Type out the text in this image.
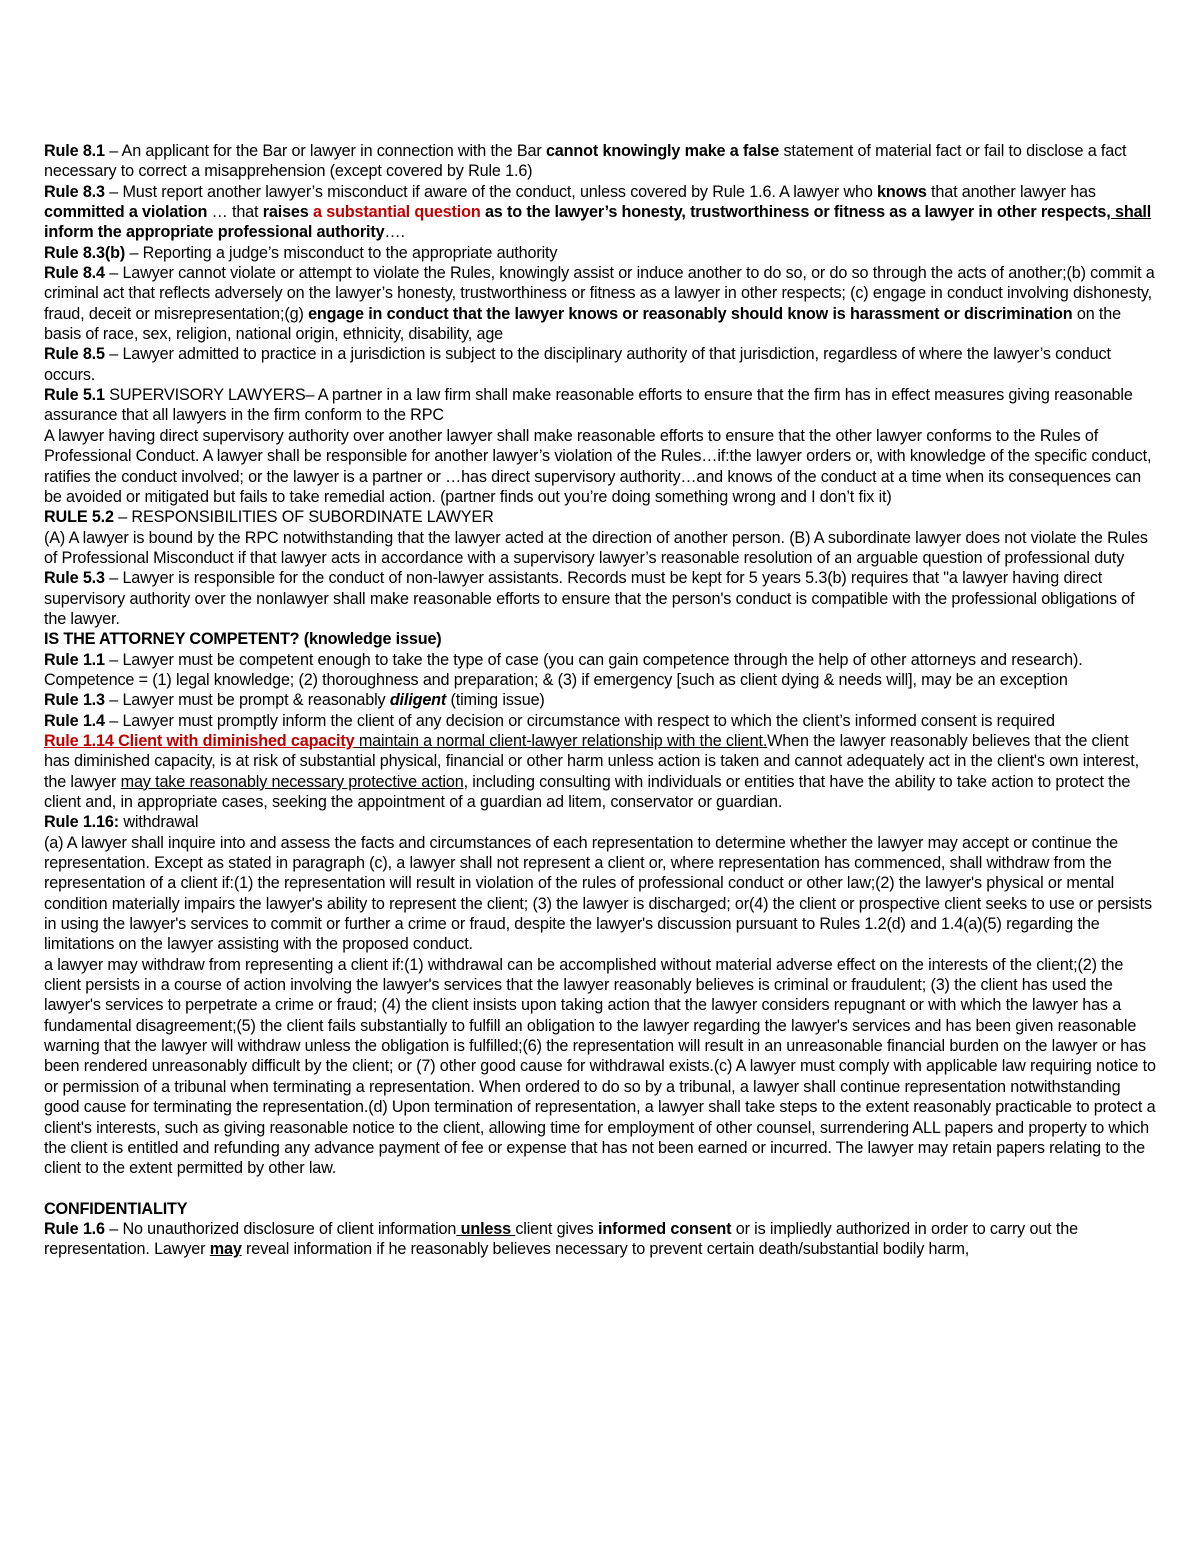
Rule 8.1 – An applicant for the Bar or lawyer in connection with the Bar cannot knowingly make a false statement of material fact or fail to disclose a fact necessary to correct a misapprehension (except covered by Rule 1.6)

Rule 8.3 – Must report another lawyer’s misconduct if aware of the conduct, unless covered by Rule 1.6. A lawyer who knows that another lawyer has committed a violation … that raises a substantial question as to the lawyer’s honesty, trustworthiness or fitness as a lawyer in other respects, shall inform the appropriate professional authority….

Rule 8.3(b) – Reporting a judge’s misconduct to the appropriate authority

Rule 8.4 – Lawyer cannot violate or attempt to violate the Rules, knowingly assist or induce another to do so, or do so through the acts of another;(b) commit a criminal act that reflects adversely on the lawyer’s honesty, trustworthiness or fitness as a lawyer in other respects; (c) engage in conduct involving dishonesty, fraud, deceit or misrepresentation;(g) engage in conduct that the lawyer knows or reasonably should know is harassment or discrimination on the basis of race, sex, religion, national origin, ethnicity, disability, age

Rule 8.5 – Lawyer admitted to practice in a jurisdiction is subject to the disciplinary authority of that jurisdiction, regardless of where the lawyer’s conduct occurs.

Rule 5.1 SUPERVISORY LAWYERS– A partner in a law firm shall make reasonable efforts to ensure that the firm has in effect measures giving reasonable assurance that all lawyers in the firm conform to the RPC

A lawyer having direct supervisory authority over another lawyer shall make reasonable efforts to ensure that the other lawyer conforms to the Rules of Professional Conduct. A lawyer shall be responsible for another lawyer’s violation of the Rules…if:the lawyer orders or, with knowledge of the specific conduct, ratifies the conduct involved; or the lawyer is a partner or …has direct supervisory authority…and knows of the conduct at a time when its consequences can be avoided or mitigated but fails to take remedial action. (partner finds out you’re doing something wrong and I don’t fix it)

RULE 5.2 – RESPONSIBILITIES OF SUBORDINATE LAWYER

(A) A lawyer is bound by the RPC notwithstanding that the lawyer acted at the direction of another person. (B) A subordinate lawyer does not violate the Rules of Professional Misconduct if that lawyer acts in accordance with a supervisory lawyer’s reasonable resolution of an arguable question of professional duty

Rule 5.3 – Lawyer is responsible for the conduct of non-lawyer assistants. Records must be kept for 5 years 5.3(b) requires that "a lawyer having direct supervisory authority over the nonlawyer shall make reasonable efforts to ensure that the person's conduct is compatible with the professional obligations of the lawyer.

IS THE ATTORNEY COMPETENT? (knowledge issue)

Rule 1.1 – Lawyer must be competent enough to take the type of case (you can gain competence through the help of other attorneys and research). Competence = (1) legal knowledge; (2) thoroughness and preparation; & (3) if emergency [such as client dying & needs will], may be an exception

Rule 1.3 – Lawyer must be prompt & reasonably diligent (timing issue)

Rule 1.4 – Lawyer must promptly inform the client of any decision or circumstance with respect to which the client’s informed consent is required

Rule 1.14 Client with diminished capacity maintain a normal client-lawyer relationship with the client.When the lawyer reasonably believes that the client has diminished capacity, is at risk of substantial physical, financial or other harm unless action is taken and cannot adequately act in the client's own interest, the lawyer may take reasonably necessary protective action, including consulting with individuals or entities that have the ability to take action to protect the client and, in appropriate cases, seeking the appointment of a guardian ad litem, conservator or guardian.

Rule 1.16: withdrawal

(a) A lawyer shall inquire into and assess the facts and circumstances of each representation to determine whether the lawyer may accept or continue the representation. Except as stated in paragraph (c), a lawyer shall not represent a client or, where representation has commenced, shall withdraw from the representation of a client if:(1) the representation will result in violation of the rules of professional conduct or other law;(2) the lawyer's physical or mental condition materially impairs the lawyer's ability to represent the client; (3) the lawyer is discharged; or(4) the client or prospective client seeks to use or persists in using the lawyer's services to commit or further a crime or fraud, despite the lawyer's discussion pursuant to Rules 1.2(d) and 1.4(a)(5) regarding the limitations on the lawyer assisting with the proposed conduct.

a lawyer may withdraw from representing a client if:(1) withdrawal can be accomplished without material adverse effect on the interests of the client;(2) the client persists in a course of action involving the lawyer's services that the lawyer reasonably believes is criminal or fraudulent; (3) the client has used the lawyer's services to perpetrate a crime or fraud; (4) the client insists upon taking action that the lawyer considers repugnant or with which the lawyer has a fundamental disagreement;(5) the client fails substantially to fulfill an obligation to the lawyer regarding the lawyer's services and has been given reasonable warning that the lawyer will withdraw unless the obligation is fulfilled;(6) the representation will result in an unreasonable financial burden on the lawyer or has been rendered unreasonably difficult by the client; or (7) other good cause for withdrawal exists.(c) A lawyer must comply with applicable law requiring notice to or permission of a tribunal when terminating a representation. When ordered to do so by a tribunal, a lawyer shall continue representation notwithstanding good cause for terminating the representation.(d) Upon termination of representation, a lawyer shall take steps to the extent reasonably practicable to protect a client's interests, such as giving reasonable notice to the client, allowing time for employment of other counsel, surrendering ALL papers and property to which the client is entitled and refunding any advance payment of fee or expense that has not been earned or incurred. The lawyer may retain papers relating to the client to the extent permitted by other law.

CONFIDENTIALITY

Rule 1.6 – No unauthorized disclosure of client information unless client gives informed consent or is impliedly authorized in order to carry out the representation. Lawyer may reveal information if he reasonably believes necessary to prevent certain death/substantial bodily harm,
